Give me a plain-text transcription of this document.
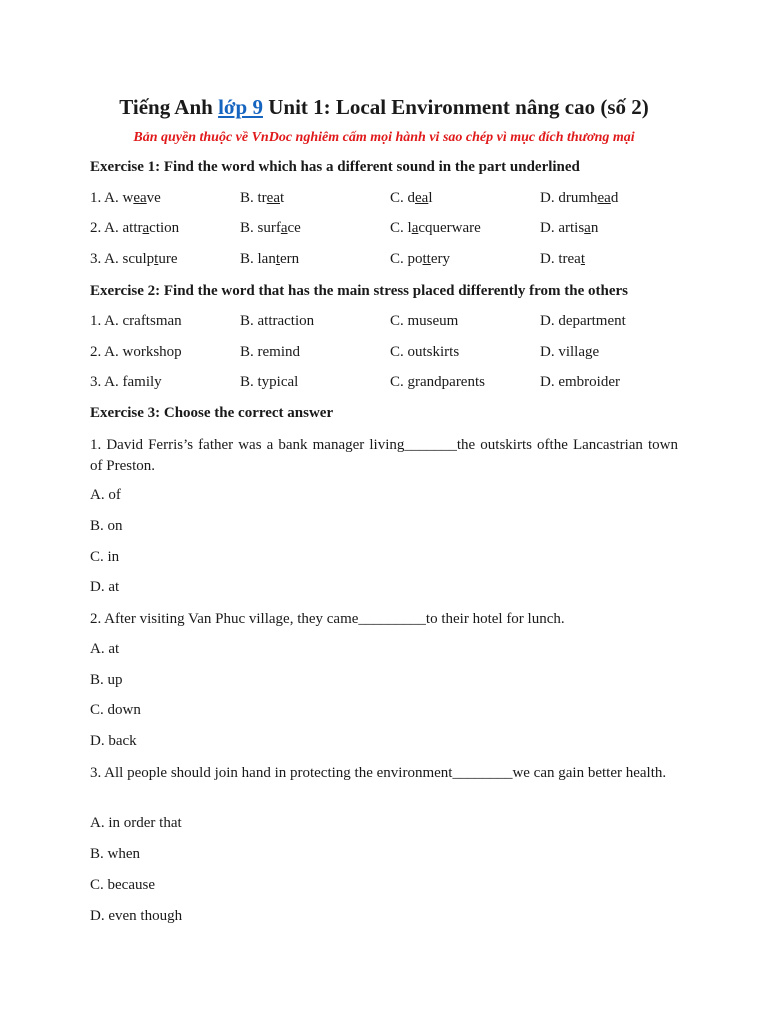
Tiếng Anh lớp 9 Unit 1: Local Environment nâng cao (số 2)
Bản quyền thuộc về VnDoc nghiêm cấm mọi hành vi sao chép vì mục đích thương mại
Exercise 1: Find the word which has a different sound in the part underlined
1. A. weave	B. treat	C. deal	D. drumhead
2. A. attraction	B. surface	C. lacquerware	D. artisan
3. A. sculpture	B. lantern	C. pottery	D. treat
Exercise 2: Find the word that has the main stress placed differently from the others
1. A. craftsman	B. attraction	C. museum	D. department
2. A. workshop	B. remind	C. outskirts	D. village
3. A. family	B. typical	C. grandparents	D. embroider
Exercise 3: Choose the correct answer
1. David Ferris’s father was a bank manager living_______the outskirts ofthe Lancastrian town of Preston.
A. of
B. on
C. in
D. at
2. After visiting Van Phuc village, they came_________to their hotel for lunch.
A. at
B. up
C. down
D. back
3. All people should join hand in protecting the environment________we can gain better health.
A. in order that
B. when
C. because
D. even though
